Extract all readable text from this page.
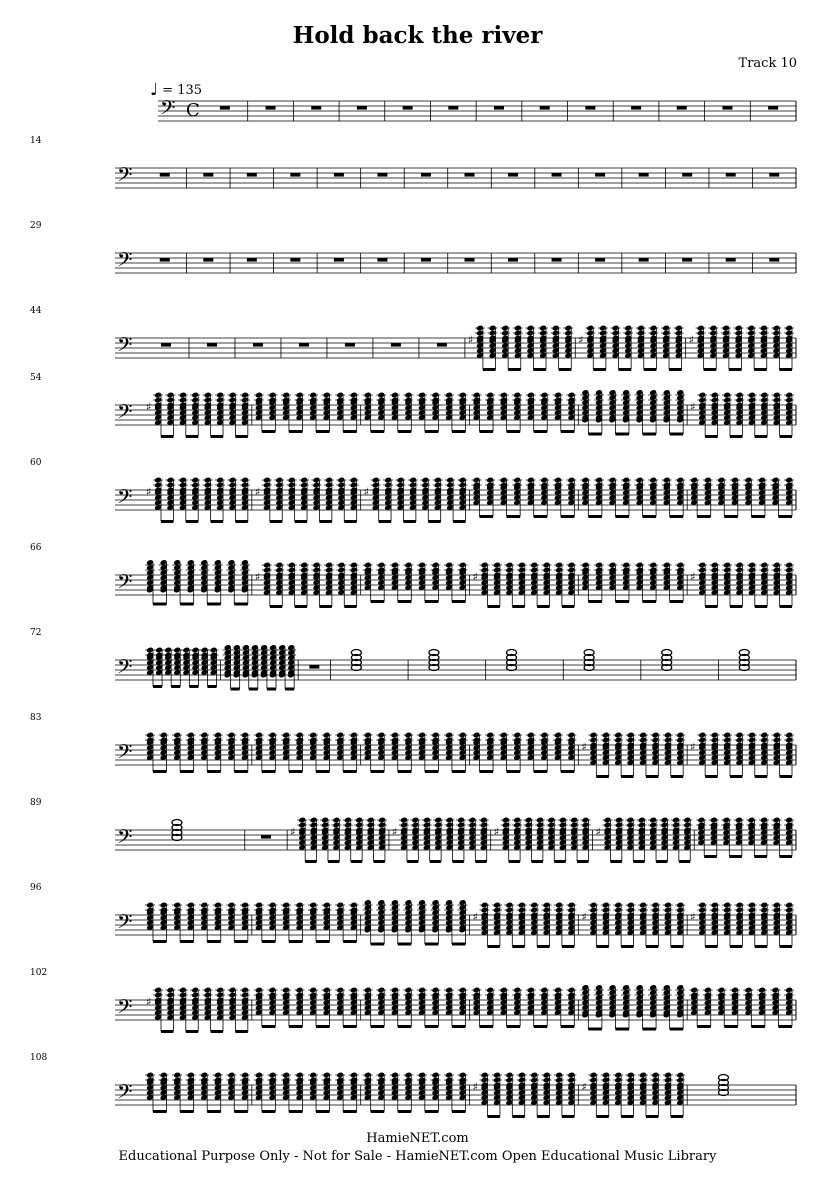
Hold back the river
Track 10
♩ = 135
𝄢 C
𝄢
𝄢
𝄢	♯	♯	♯
𝄢 ♯	♯
𝄢 ♯	♯	♯
𝄢	♯	♯	♯
𝄢
𝄢	♯	♯
𝄢	♯	♯	♯	♯
𝄢	♯	♯	♯
𝄢 ♯
𝄢	♯	♯
HamieNET.com
Educational Purpose Only - Not for Sale - HamieNET.com Open Educational Music Library
14
29
44
54
60
66
72
83
89
96
102
108
